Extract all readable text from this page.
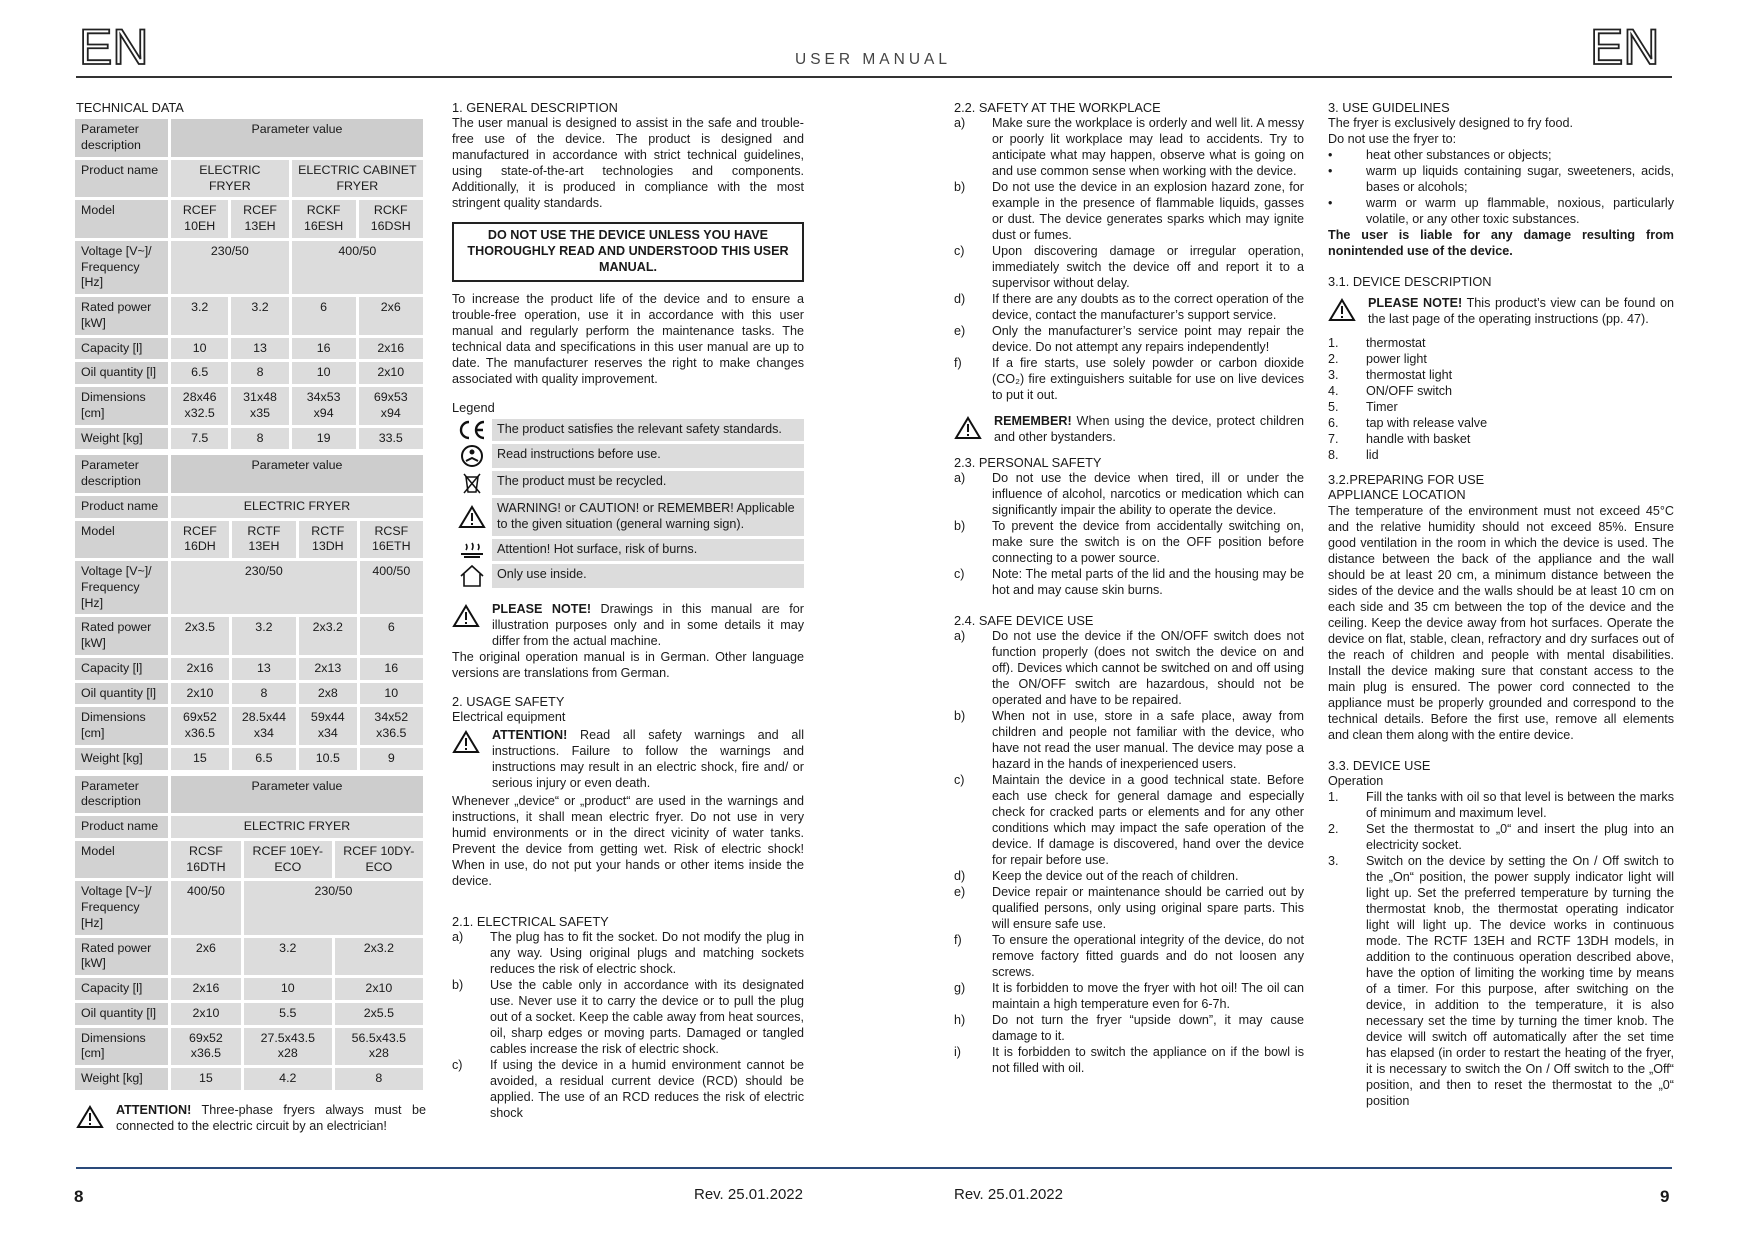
EN	EN
USER MANUAL
TECHNICAL DATA
Parameter description	Parameter value			
Product name	ELECTRIC FRYER		ELECTRIC CABINET FRYER	
Model	RCEF 10EH	RCEF 13EH	RCKF 16ESH	RCKF 16DSH
Voltage [V~]/ Frequency [Hz]	230/50		400/50	
Rated power [kW]	3.2	3.2	6	2x6
Capacity [l]	10	13	16	2x16
Oil quantity [l]	6.5	8	10	2x10
Dimensions [cm]	28x46 x32.5	31x48 x35	34x53 x94	69x53 x94
Weight [kg]	7.5	8	19	33.5
Parameter description	Parameter value			
Product name	ELECTRIC FRYER			
Model	RCEF 16DH	RCTF 13EH	RCTF 13DH	RCSF 16ETH
Voltage [V~]/ Frequency [Hz]	230/50			400/50
Rated power [kW]	2x3.5	3.2	2x3.2	6
Capacity [l]	2x16	13	2x13	16
Oil quantity [l]	2x10	8	2x8	10
Dimensions [cm]	69x52 x36.5	28.5x44 x34	59x44 x34	34x52 x36.5
Weight [kg]	15	6.5	10.5	9
Parameter description	Parameter value		
Product name	ELECTRIC FRYER		
Model	RCSF 16DTH	RCEF 10EY-ECO	RCEF 10DY-ECO
Voltage [V~]/ Frequency [Hz]	400/50	230/50	
Rated power [kW]	2x6	3.2	2x3.2
Capacity [l]	2x16	10	2x10
Oil quantity [l]	2x10	5.5	2x5.5
Dimensions [cm]	69x52 x36.5	27.5x43.5 x28	56.5x43.5 x28
Weight [kg]	15	4.2	8
ATTENTION! Three-phase fryers always must be connected to the electric circuit by an electrician!
1. GENERAL DESCRIPTION

The user manual is designed to assist in the safe and trouble-free use of the device. The product is designed and manufactured in accordance with strict technical guidelines, using state-of-the-art technologies and components. Additionally, it is produced in compliance with the most stringent quality standards.

DO NOT USE THE DEVICE UNLESS YOU HAVE THOROUGHLY READ AND UNDERSTOOD THIS USER MANUAL.

To increase the product life of the device and to ensure a trouble-free operation, use it in accordance with this user manual and regularly perform the maintenance tasks. The technical data and specifications in this user manual are up to date. The manufacturer reserves the right to make changes associated with quality improvement.

Legend
The product satisfies the relevant safety standards.
Read instructions before use.
The product must be recycled.
WARNING! or CAUTION! or REMEMBER! Applicable to the given situation (general warning sign).
Attention! Hot surface, risk of burns.
Only use inside.
PLEASE NOTE! Drawings in this manual are for illustration purposes only and in some details it may differ from the actual machine.

The original operation manual is in German. Other language versions are translations from German.

2. USAGE SAFETY
Electrical equipment
ATTENTION! Read all safety warnings and all instructions. Failure to follow the warnings and instructions may result in an electric shock, fire and/ or serious injury or even death.

Whenever „device“ or „product“ are used in the warnings and instructions, it shall mean electric fryer. Do not use in very humid environments or in the direct vicinity of water tanks. Prevent the device from getting wet. Risk of electric shock! When in use, do not put your hands or other items inside the device.

2.1. ELECTRICAL SAFETY
a)	The plug has to fit the socket. Do not modify the plug in any way. Using original plugs and matching sockets reduces the risk of electric shock.
b)	Use the cable only in accordance with its designated use. Never use it to carry the device or to pull the plug out of a socket. Keep the cable away from heat sources, oil, sharp edges or moving parts. Damaged or tangled cables increase the risk of electric shock.
c)	If using the device in a humid environment cannot be avoided, a residual current device (RCD) should be applied. The use of an RCD reduces the risk of electric shock
2.2. SAFETY AT THE WORKPLACE
a)	Make sure the workplace is orderly and well lit. A messy or poorly lit workplace may lead to accidents. Try to anticipate what may happen, observe what is going on and use common sense when working with the device.
b)	Do not use the device in an explosion hazard zone, for example in the presence of flammable liquids, gasses or dust. The device generates sparks which may ignite dust or fumes.
c)	Upon discovering damage or irregular operation, immediately switch the device off and report it to a supervisor without delay.
d)	If there are any doubts as to the correct operation of the device, contact the manufacturer’s support service.
e)	Only the manufacturer’s service point may repair the device. Do not attempt any repairs independently!
f)	If a fire starts, use solely powder or carbon dioxide (CO₂) fire extinguishers suitable for use on live devices to put it out.
REMEMBER! When using the device, protect children and other bystanders.
2.3. PERSONAL SAFETY
a)	Do not use the device when tired, ill or under the influence of alcohol, narcotics or medication which can significantly impair the ability to operate the device.
b)	To prevent the device from accidentally switching on, make sure the switch is on the OFF position before connecting to a power source.
c)	Note: The metal parts of the lid and the housing may be hot and may cause skin burns.
2.4. SAFE DEVICE USE
a)	Do not use the device if the ON/OFF switch does not function properly (does not switch the device on and off). Devices which cannot be switched on and off using the ON/OFF switch are hazardous, should not be operated and have to be repaired.
b)	When not in use, store in a safe place, away from children and people not familiar with the device, who have not read the user manual. The device may pose a hazard in the hands of inexperienced users.
c)	Maintain the device in a good technical state. Before each use check for general damage and especially check for cracked parts or elements and for any other conditions which may impact the safe operation of the device. If damage is discovered, hand over the device for repair before use.
d)	Keep the device out of the reach of children.
e)	Device repair or maintenance should be carried out by qualified persons, only using original spare parts. This will ensure safe use.
f)	To ensure the operational integrity of the device, do not remove factory fitted guards and do not loosen any screws.
g)	It is forbidden to move the fryer with hot oil! The oil can maintain a high temperature even for 6-7h.
h)	Do not turn the fryer “upside down”, it may cause damage to it.
i)	It is forbidden to switch the appliance on if the bowl is not filled with oil.
3. USE GUIDELINES
The fryer is exclusively designed to fry food.
Do not use the fryer to:
•	heat other substances or objects;
•	warm up liquids containing sugar, sweeteners, acids, bases or alcohols;
•	warm or warm up flammable, noxious, particularly volatile, or any other toxic substances.

The user is liable for any damage resulting from nonintended use of the device.

3.1. DEVICE DESCRIPTION
PLEASE NOTE! This product’s view can be found on the last page of the operating instructions (pp. 47).
1.	thermostat
2.	power light
3.	thermostat light
4.	ON/OFF switch
5.	Timer
6.	tap with release valve
7.	handle with basket
8.	lid
3.2.PREPARING FOR USE
APPLIANCE LOCATION

The temperature of the environment must not exceed 45°C and the relative humidity should not exceed 85%. Ensure good ventilation in the room in which the device is used. The distance between the back of the appliance and the wall should be at least 20 cm, a minimum distance between the sides of the device and the walls should be at least 10 cm on each side and 35 cm between the top of the device and the ceiling. Keep the device away from hot surfaces. Operate the device on flat, stable, clean, refractory and dry surfaces out of the reach of children and people with mental disabilities. Install the device making sure that constant access to the main plug is ensured. The power cord connected to the appliance must be properly grounded and correspond to the technical details. Before the first use, remove all elements and clean them along with the entire device.

3.3. DEVICE USE
Operation
1.	Fill the tanks with oil so that level is between the marks of minimum and maximum level.
2.	Set the thermostat to „0“ and insert the plug into an electricity socket.
3.	Switch on the device by setting the On / Off switch to the „On“ position, the power supply indicator light will light up. Set the preferred temperature by turning the thermostat knob, the thermostat operating indicator light will light up. The device works in continuous mode. The RCTF 13EH and RCTF 13DH models, in addition to the continuous operation described above, have the option of limiting the working time by means of a timer. For this purpose, after switching on the device, in addition to the temperature, it is also necessary set the time by turning the timer knob. The device will switch off automatically after the set time has elapsed (in order to restart the heating of the fryer, it is necessary to switch the On / Off switch to the „Off“ position, and then to reset the thermostat to the „0“ position
8	Rev. 25.01.2022	Rev. 25.01.2022	9
